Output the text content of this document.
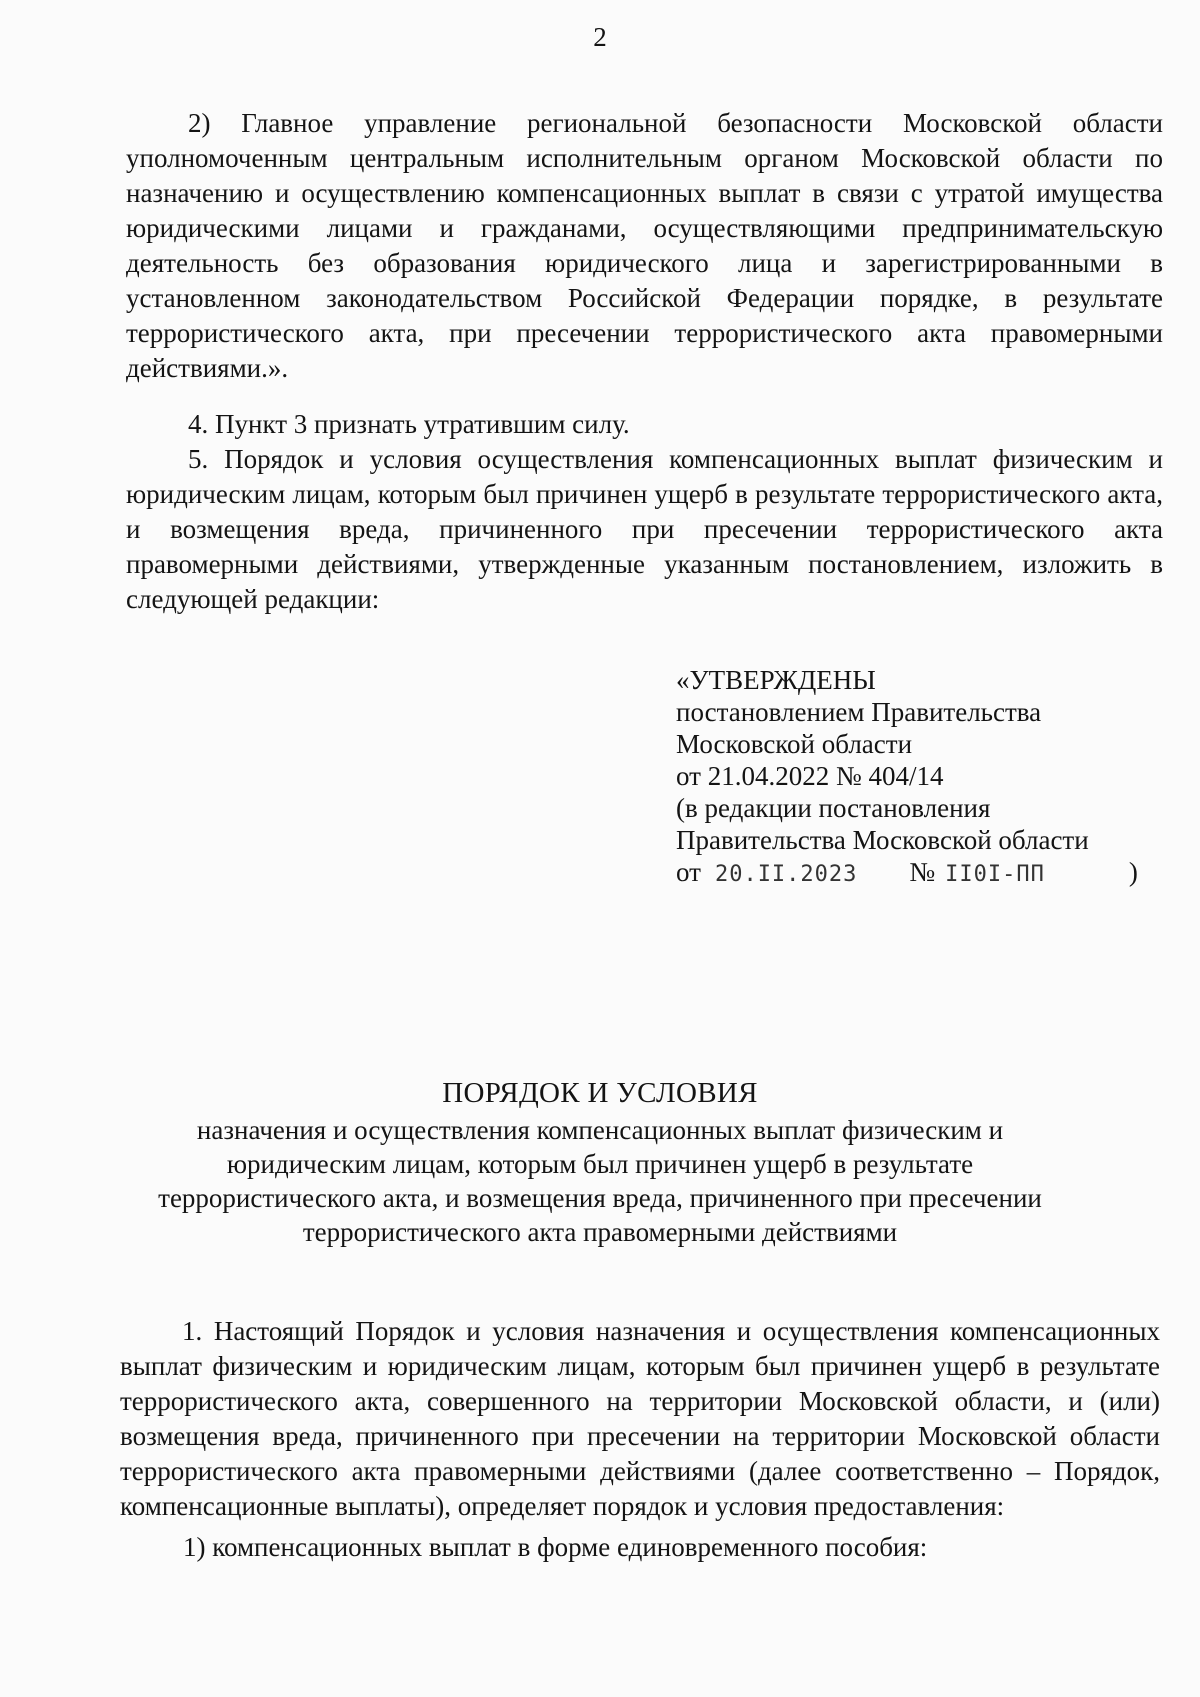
2

2) Главное управление региональной безопасности Московской области уполномоченным центральным исполнительным органом Московской области по назначению и осуществлению компенсационных выплат в связи с утратой имущества юридическими лицами и гражданами, осуществляющими предпринимательскую деятельность без образования юридического лица и зарегистрированными в установленном законодательством Российской Федерации порядке, в результате террористического акта, при пресечении террористического акта правомерными действиями.».

4. Пункт 3 признать утратившим силу.

5. Порядок и условия осуществления компенсационных выплат физическим и юридическим лицам, которым был причинен ущерб в результате террористического акта, и возмещения вреда, причиненного при пресечении террористического акта правомерными действиями, утвержденные указанным постановлением, изложить в следующей редакции:

«УТВЕРЖДЕНЫ
постановлением Правительства
Московской области
от 21.04.2022 № 404/14
(в редакции постановления
Правительства Московской области
от 20.II.2023 № II0I-ПП	)
ПОРЯДОК И УСЛОВИЯ
назначения и осуществления компенсационных выплат физическим и юридическим лицам, которым был причинен ущерб в результате террористического акта, и возмещения вреда, причиненного при пресечении террористического акта правомерными действиями

1. Настоящий Порядок и условия назначения и осуществления компенсационных выплат физическим и юридическим лицам, которым был причинен ущерб в результате террористического акта, совершенного на территории Московской области, и (или) возмещения вреда, причиненного при пресечении на территории Московской области террористического акта правомерными действиями (далее соответственно – Порядок, компенсационные выплаты), определяет порядок и условия предоставления:

1) компенсационных выплат в форме единовременного пособия:
